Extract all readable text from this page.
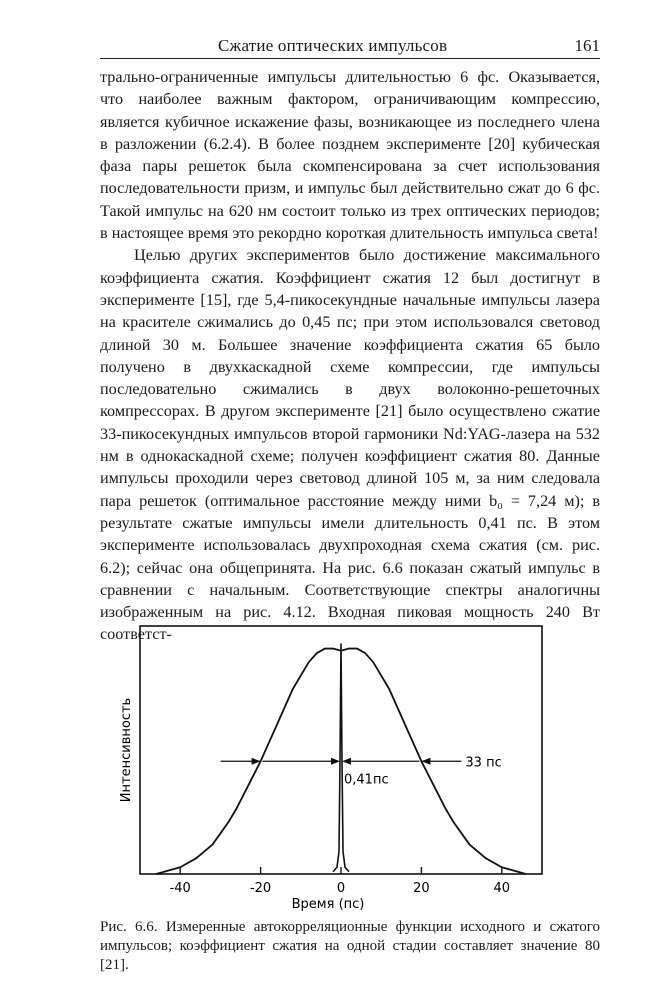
Сжатие оптических импульсов	161

трально-ограниченные импульсы длительностью 6 фс. Оказывается, что наиболее важным фактором, ограничивающим компрессию, является кубичное искажение фазы, возникающее из последнего члена в разложении (6.2.4). В более позднем эксперименте [20] кубическая фаза пары решеток была скомпенсирована за счет использования последовательности призм, и импульс был действительно сжат до 6 фс. Такой импульс на 620 нм состоит только из трех оптических периодов; в настоящее время это рекордно короткая длительность импульса света!

Целью других экспериментов было достижение максимального коэффициента сжатия. Коэффициент сжатия 12 был достигнут в эксперименте [15], где 5,4-пикосекундные начальные импульсы лазера на красителе сжимались до 0,45 пс; при этом использовался световод длиной 30 м. Большее значение коэффициента сжатия 65 было получено в двухкаскадной схеме компрессии, где импульсы последовательно сжимались в двух волоконно-решеточных компрессорах. В другом эксперименте [21] было осуществлено сжатие 33-пикосекундных импульсов второй гармоники Nd:YAG-лазера на 532 нм в однокаскадной схеме; получен коэффициент сжатия 80. Данные импульсы проходили через световод длиной 105 м, за ним следовала пара решеток (оптимальное расстояние между ними b₀ = 7,24 м); в результате сжатые импульсы имели длительность 0,41 пс. В этом эксперименте использовалась двухпроходная схема сжатия (см. рис. 6.2); сейчас она общепринята. На рис. 6.6 показан сжатый импульс в сравнении с начальным. Соответствующие спектры аналогичны изображенным на рис. 4.12. Входная пиковая мощность 240 Вт соответст-

-40	-20	0	20	40
33 пс
0,41пс
Интенсивность
Время (пс)

Рис. 6.6. Измеренные автокорреляционные функции исходного и сжатого импульсов; коэффициент сжатия на одной стадии составляет значение 80 [21].
